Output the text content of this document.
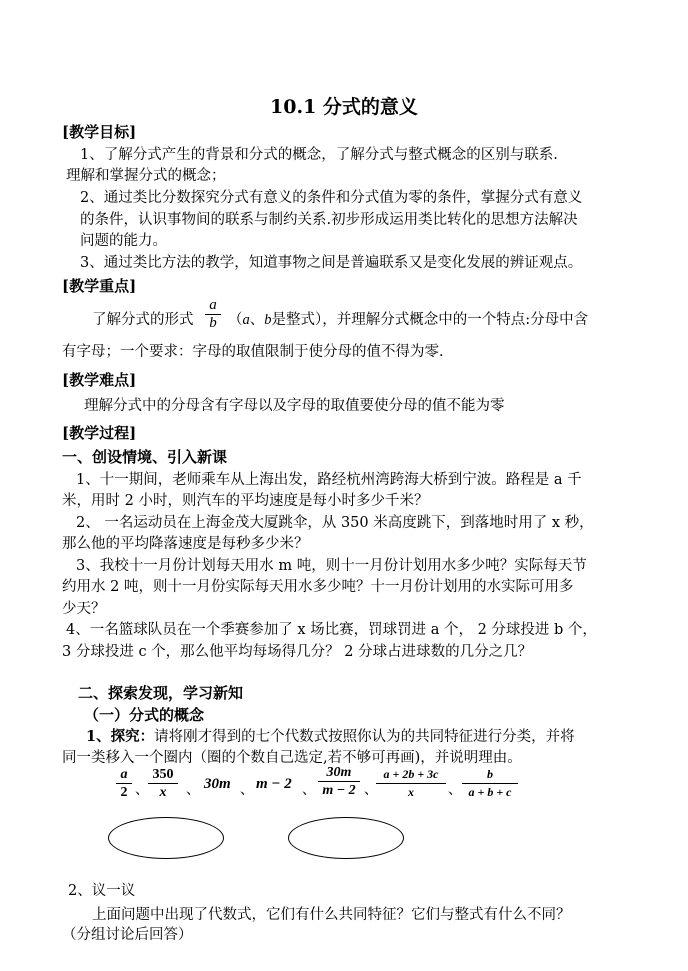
10.1 分式的意义
[教学目标]
1、了解分式产生的背景和分式的概念，了解分式与整式概念的区别与联系.
理解和掌握分式的概念；
2、通过类比分数探究分式有意义的条件和分式值为零的条件，掌握分式有意义
的条件，认识事物间的联系与制约关系.初步形成运用类比转化的思想方法解决
问题的能力。
3、通过类比方法的教学，知道事物之间是普遍联系又是变化发展的辨证观点。
[教学重点]
了解分式的形式
a
b （a、b是整式），并理解分式概念中的一个特点:分母中含
有字母；一个要求：字母的取值限制于使分母的值不得为零.
[教学难点]
理解分式中的分母含有字母以及字母的取值要使分母的值不能为零
[教学过程]
一、创设情境、引入新课
1、十一期间，老师乘车从上海出发，路经杭州湾跨海大桥到宁波。路程是 a 千
米，用时 2 小时，则汽车的平均速度是每小时多少千米？
2、 一名运动员在上海金茂大厦跳伞，从 350 米高度跳下，到落地时用了 x 秒，
那么他的平均降落速度是每秒多少米？
3、我校十一月份计划每天用水 m 吨，则十一月份计划用水多少吨？实际每天节
约用水 2 吨，则十一月份实际每天用水多少吨？十一月份计划用的水实际可用多
少天？
4、一名篮球队员在一个季赛参加了 x 场比赛，罚球罚进 a 个， 2 分球投进 b 个，
3 分球投进 c 个，那么他平均每场得几分？ 2 分球占进球数的几分之几？
二、探索发现，学习新知
（一）分式的概念
1、探究：请将刚才得到的七个代数式按照你认为的共同特征进行分类，并将
同一类移入一个圈内（圈的个数自己选定,若不够可再画)，并说明理由。
a
2 、
350
x	、 30m 、 m − 2 、
30m
m − 2 、
a + 2b + 3c
x	、
b
a + b + c
2、议一议
上面问题中出现了代数式，它们有什么共同特征？它们与整式有什么不同？
（分组讨论后回答）
